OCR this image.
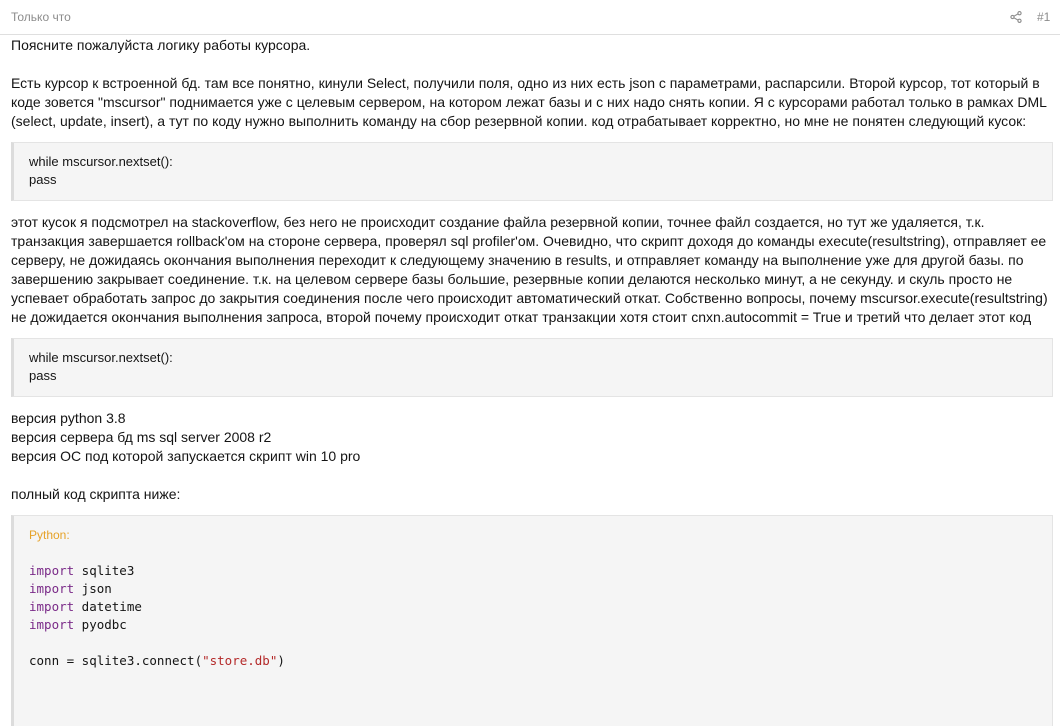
Только что	#1

Поясните пожалуйста логику работы курсора.

Есть курсор к встроенной бд. там все понятно, кинули Select, получили поля, одно из них есть json с параметрами, распарсили. Второй курсор, тот который в коде зовется "mscursor" поднимается уже с целевым сервером, на котором лежат базы и с них надо снять копии. Я с курсорами работал только в рамках DML (select, update, insert), а тут по коду нужно выполнить команду на сбор резервной копии. код отрабатывает корректно, но мне не понятен следующий кусок:

while mscursor.nextset():
pass

этот кусок я подсмотрел на stackoverflow, без него не происходит создание файла резервной копии, точнее файл создается, но тут же удаляется, т.к. транзакция завершается rollback'ом на стороне сервера, проверял sql profiler'ом. Очевидно, что скрипт доходя до команды execute(resultstring), отправляет ее серверу, не дожидаясь окончания выполнения переходит к следующему значению в results, и отправляет команду на выполнение уже для другой базы. по завершению закрывает соединение. т.к. на целевом сервере базы большие, резервные копии делаются несколько минут, а не секунду. и скуль просто не успевает обработать запрос до закрытия соединения после чего происходит автоматический откат. Собственно вопросы, почему mscursor.execute(resultstring) не дожидается окончания выполнения запроса, второй почему происходит откат транзакции хотя стоит cnxn.autocommit = True и третий что делает этот код

while mscursor.nextset():
pass

версия python 3.8

версия сервера бд ms sql server 2008 r2

версия ОС под которой запускается скрипт win 10 pro

полный код скрипта ниже:

Python:
import sqlite3
import json
import datetime
import pyodbc
conn = sqlite3.connect("store.db")
